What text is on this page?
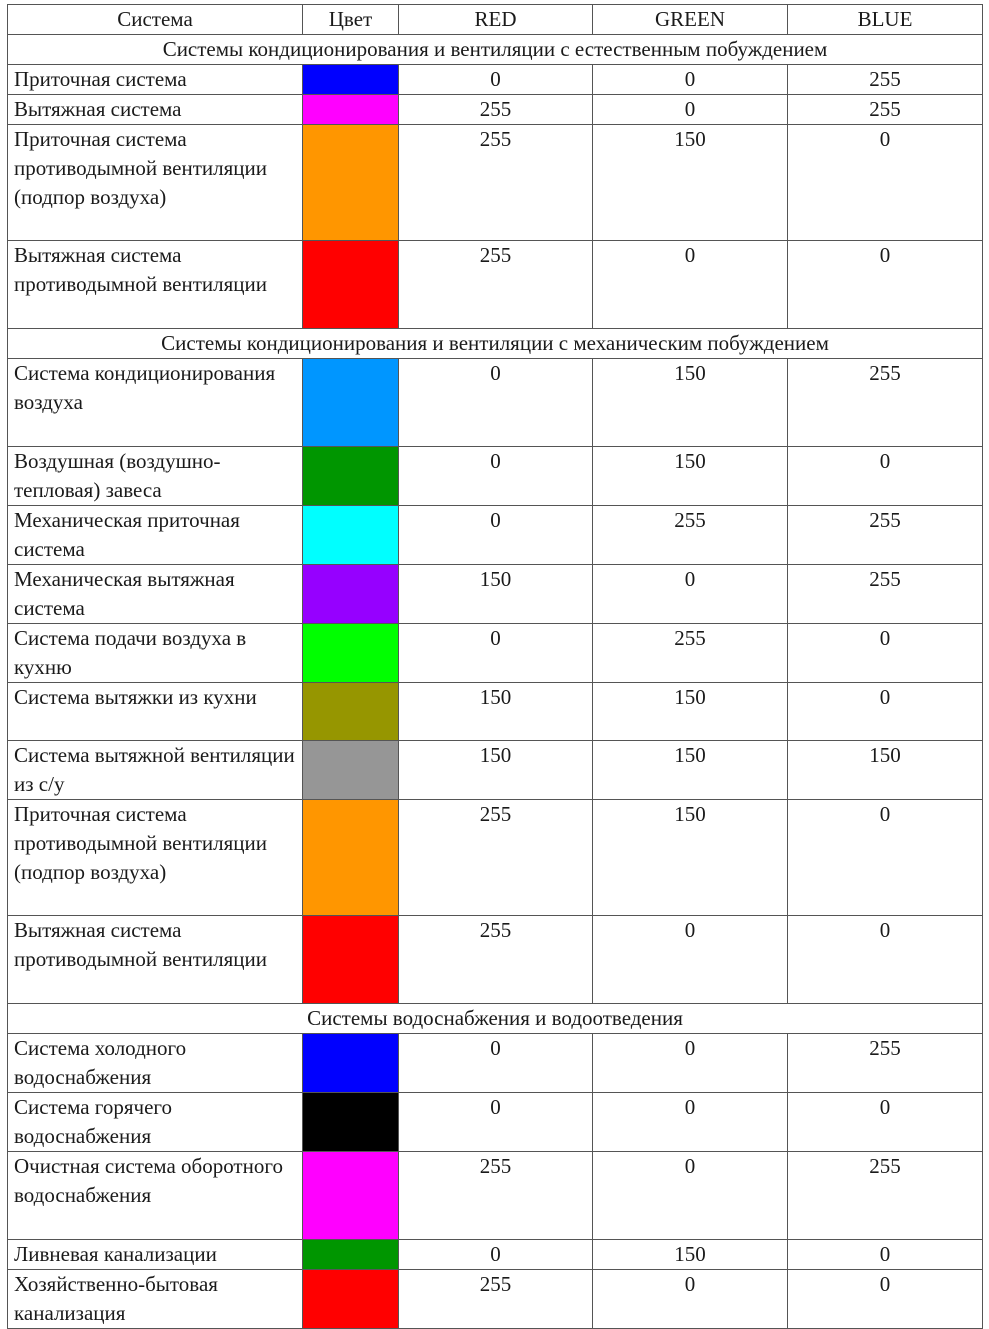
Система	Цвет	RED	GREEN	BLUE
Системы кондиционирования и вентиляции с естественным побуждением				
Приточная система		0	0	255
Вытяжная система		255	0	255
Приточная система противодымной вентиляции (подпор воздуха)		255	150	0
Вытяжная система противодымной вентиляции		255	0	0
Системы кондиционирования и вентиляции с механическим побуждением				
Система кондиционирования воздуха		0	150	255
Воздушная (воздушно-тепловая) завеса		0	150	0
Механическая приточная система		0	255	255
Механическая вытяжная система		150	0	255
Система подачи воздуха в кухню		0	255	0
Система вытяжки из кухни		150	150	0
Система вытяжной вентиляции из с/у		150	150	150
Приточная система противодымной вентиляции (подпор воздуха)		255	150	0
Вытяжная система противодымной вентиляции		255	0	0
Системы водоснабжения и водоотведения				
Система холодного водоснабжения		0	0	255
Система горячего водоснабжения		0	0	0
Очистная система оборотного водоснабжения		255	0	255
Ливневая канализации		0	150	0
Хозяйственно-бытовая канализация		255	0	0
